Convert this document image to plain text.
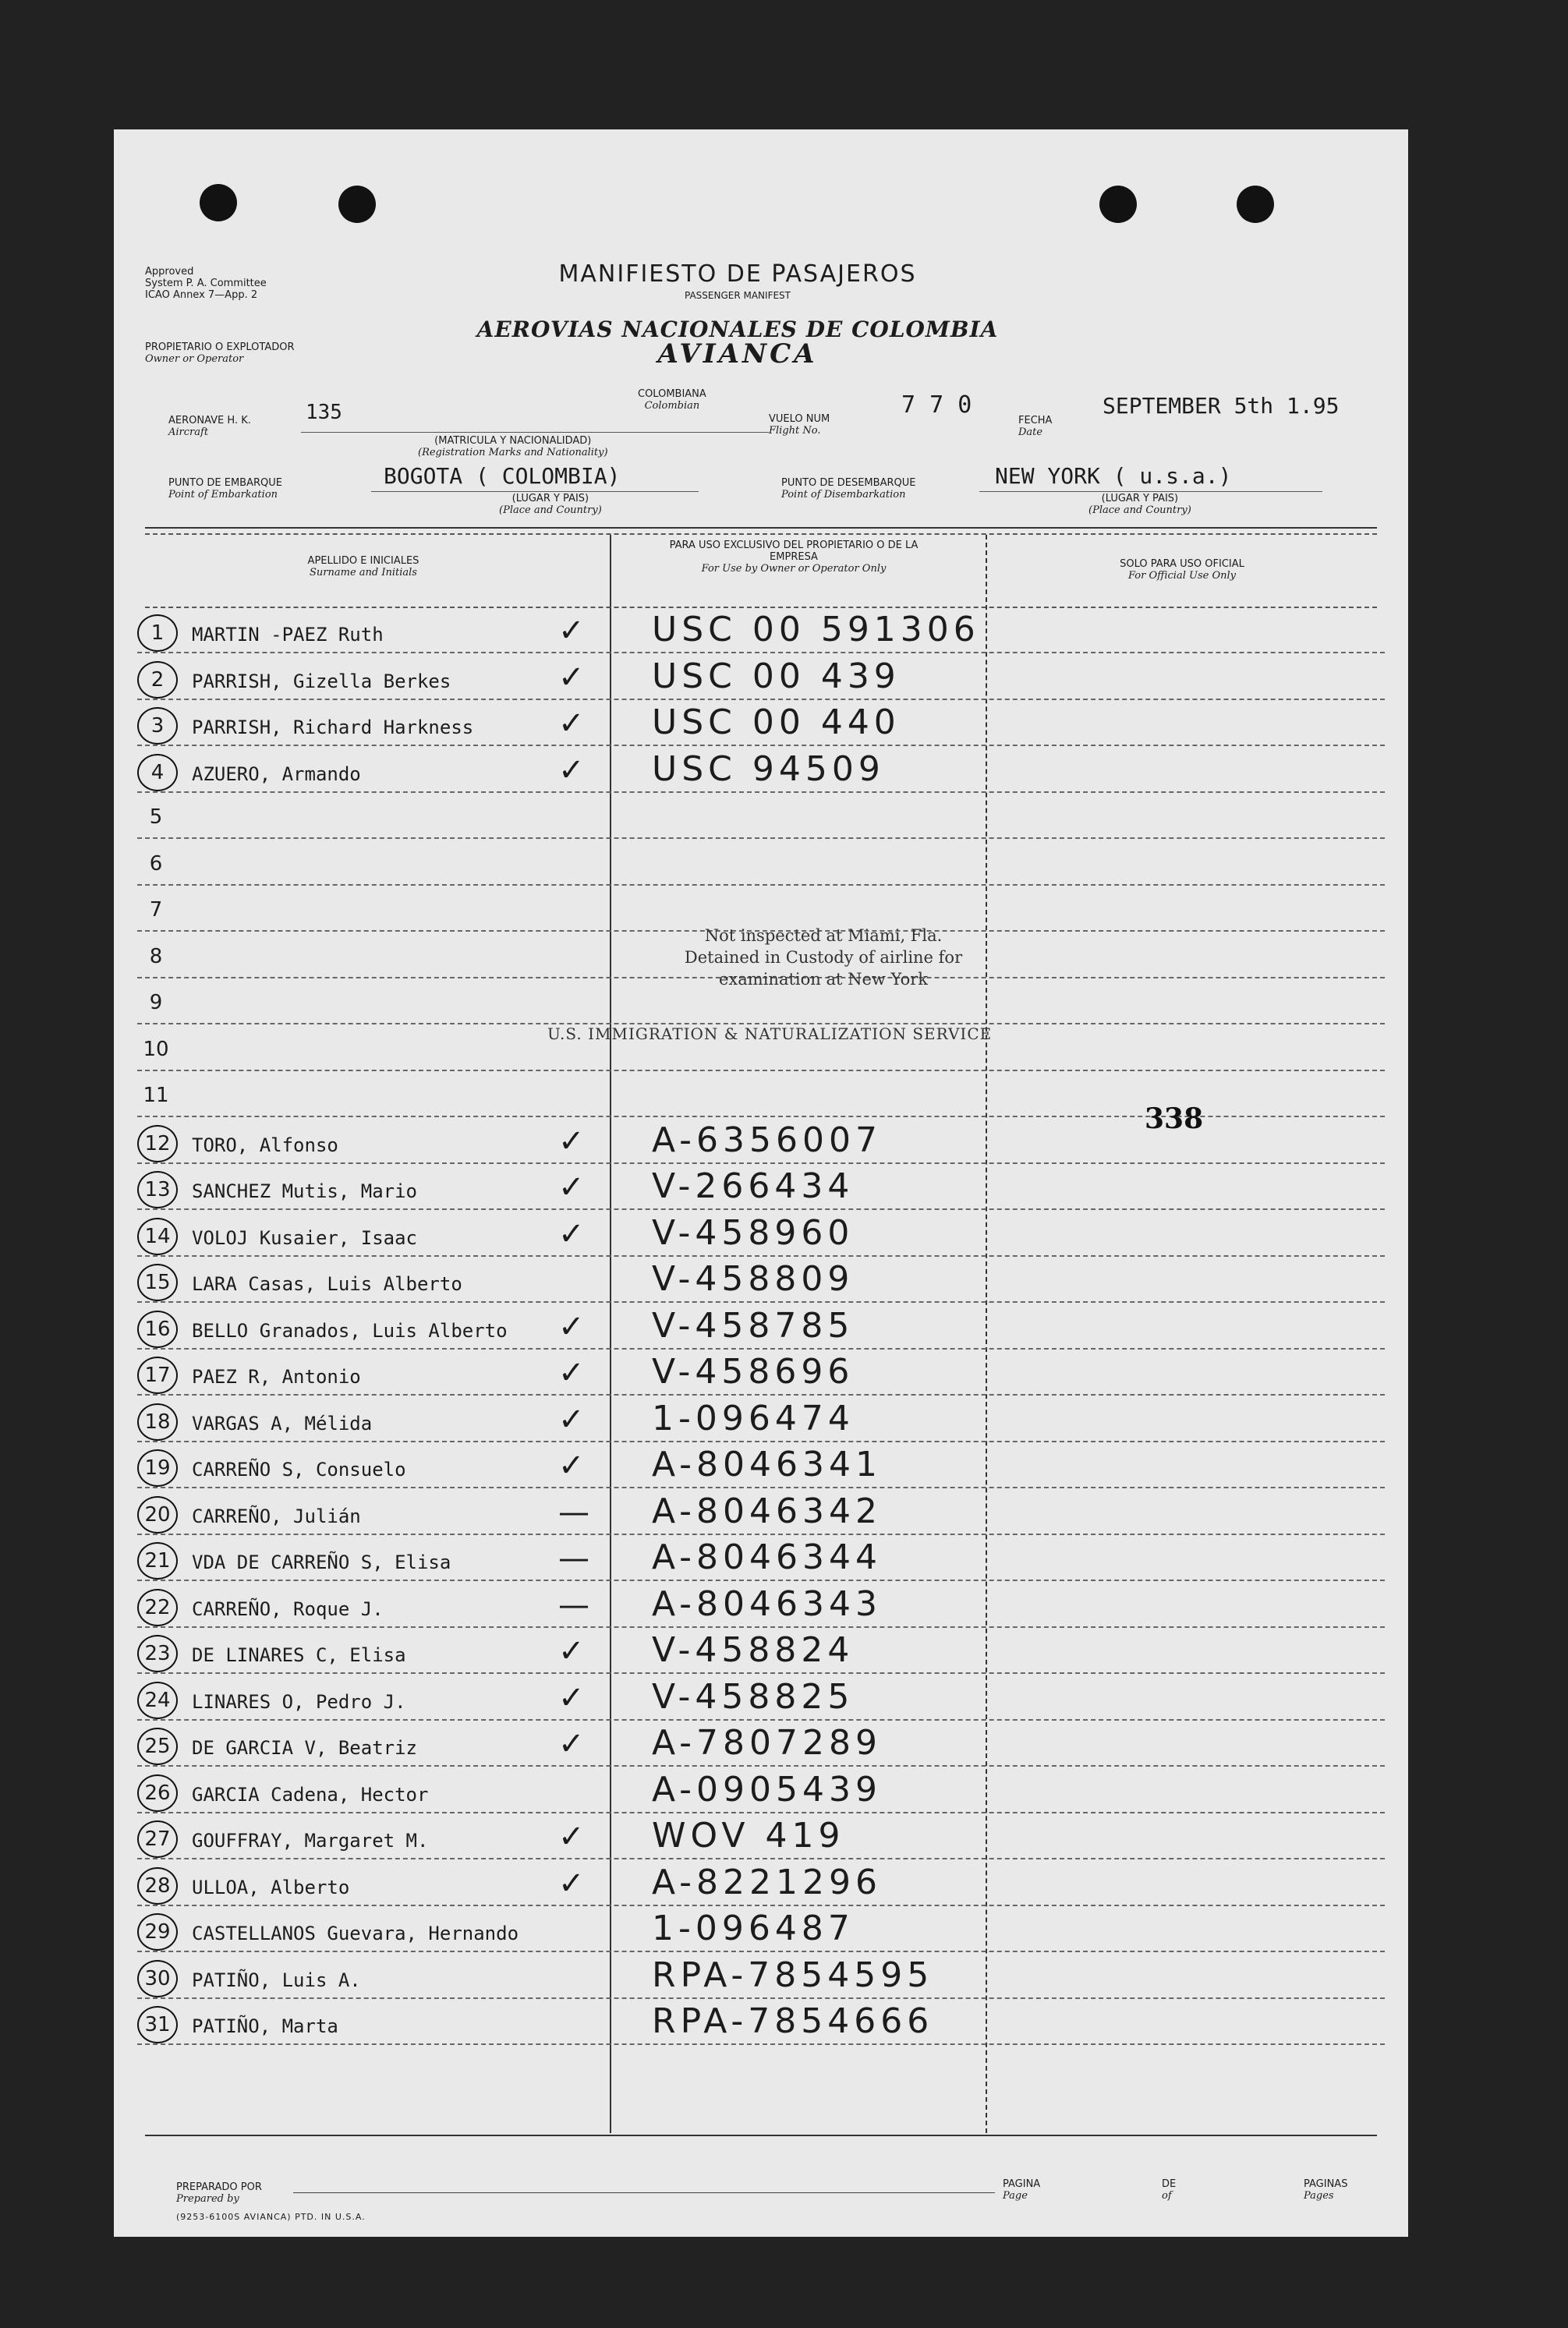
Approved
System P. A. Committee
ICAO Annex 7—App. 2
MANIFIESTO DE PASAJEROS
PASSENGER MANIFEST
AEROVIAS NACIONALES DE COLOMBIA
AVIANCA
PROPIETARIO O EXPLOTADOR
Owner or Operator
AERONAVE H. K.
Aircraft
135
COLOMBIANA
Colombian
(MATRICULA Y NACIONALIDAD)
(Registration Marks and Nationality)
VUELO NUM
Flight No.
7 7 0
FECHA
Date
SEPTEMBER 5th 1.95
PUNTO DE EMBARQUE
Point of Embarkation
BOGOTA ( COLOMBIA)
(LUGAR Y PAIS)
(Place and Country)
PUNTO DE DESEMBARQUE
Point of Disembarkation
NEW YORK ( u.s.a.)
(LUGAR Y PAIS)
(Place and Country)
APELLIDO E INICIALES
Surname and Initials
PARA USO EXCLUSIVO DEL PROPIETARIO O DE LA EMPRESA
For Use by Owner or Operator Only	SOLO PARA USO OFICIAL
For Official Use Only
1	MARTIN -PAEZ Ruth	✓ USC 00 591306
2	PARRISH, Gizella Berkes	✓ USC 00 439
3	PARRISH, Richard Harkness	✓ USC 00 440
4	AZUERO, Armando	✓ USC 94509
5
6
7
8
9
10
11
12	TORO, Alfonso	✓ A-6356007
13	SANCHEZ Mutis, Mario	✓ V-266434
14	VOLOJ Kusaier, Isaac	✓ V-458960
15	LARA Casas, Luis Alberto	V-458809
16	BELLO Granados, Luis Alberto ✓ V-458785
17	PAEZ R, Antonio	✓ V-458696
18	VARGAS A, Mélida	✓ 1-096474
19	CARREÑO S, Consuelo	✓ A-8046341
20	CARREÑO, Julián	— A-8046342
21	VDA DE CARREÑO S, Elisa	— A-8046344
22	CARREÑO, Roque J.	— A-8046343
23	DE LINARES C, Elisa	✓ V-458824
24	LINARES O, Pedro J.	✓ V-458825
25	DE GARCIA V, Beatriz	✓ A-7807289
26	GARCIA Cadena, Hector	A-0905439
27	GOUFFRAY, Margaret M.	✓ WOV 419
28	ULLOA, Alberto	✓ A-8221296
29	CASTELLANOS Guevara, Hernando	1-096487
30	PATIÑO, Luis A.	RPA-7854595
31	PATIÑO, Marta	RPA-7854666
Not inspected at Miami, Fla.
Detained in Custody of airline for
examination at New York
U.S. IMMIGRATION & NATURALIZATION SERVICE
338
PREPARADO POR
Prepared by
PAGINA
Page
DE
of
PAGINAS
Pages
(9253-6100S AVIANCA) PTD. IN U.S.A.
